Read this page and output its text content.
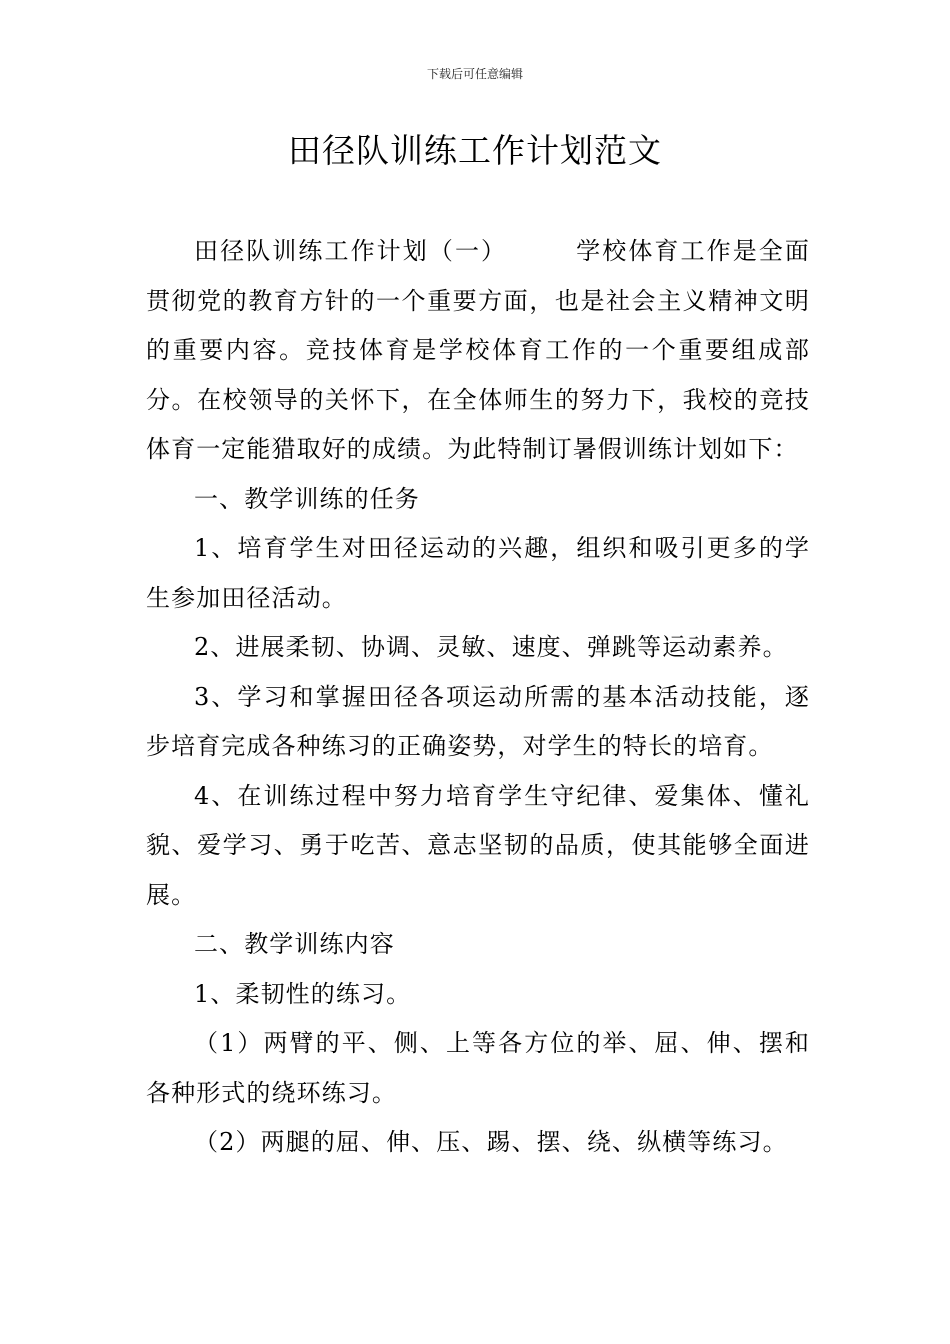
下载后可任意编辑
田径队训练工作计划范文

田径队训练工作计划（一）	学校体育工作是全面贯彻党的教育方针的一个重要方面，也是社会主义精神文明的重要内容。竞技体育是学校体育工作的一个重要组成部分。在校领导的关怀下，在全体师生的努力下，我校的竞技体育一定能猎取好的成绩。为此特制订暑假训练计划如下：

一、教学训练的任务

1、培育学生对田径运动的兴趣，组织和吸引更多的学生参加田径活动。

2、进展柔韧、协调、灵敏、速度、弹跳等运动素养。

3、学习和掌握田径各项运动所需的基本活动技能，逐步培育完成各种练习的正确姿势，对学生的特长的培育。

4、在训练过程中努力培育学生守纪律、爱集体、懂礼貌、爱学习、勇于吃苦、意志坚韧的品质，使其能够全面进展。

二、教学训练内容

1、柔韧性的练习。

（1）两臂的平、侧、上等各方位的举、屈、伸、摆和各种形式的绕环练习。

（2）两腿的屈、伸、压、踢、摆、绕、纵横等练习。
